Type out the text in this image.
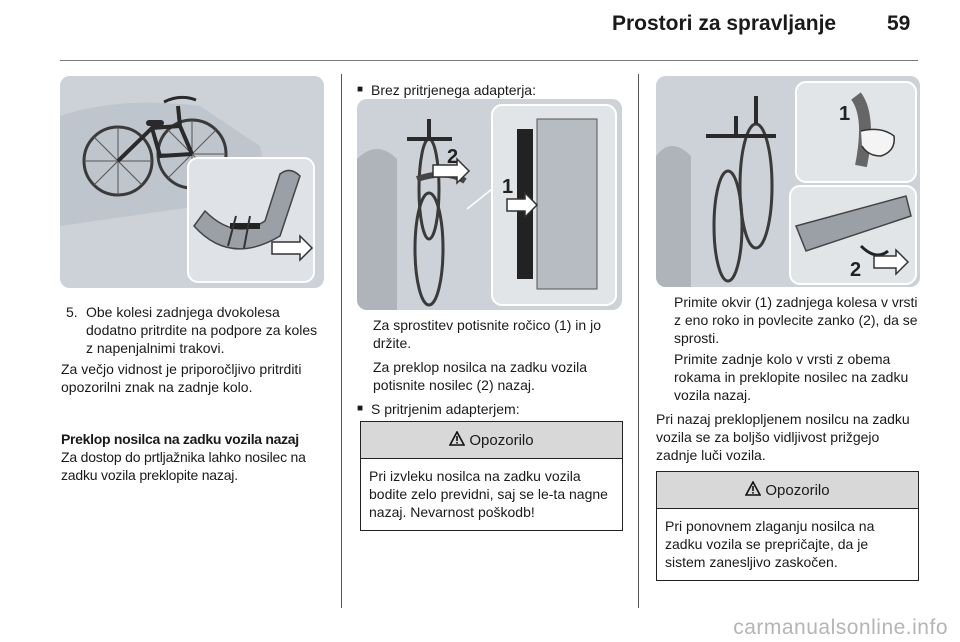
Prostori za spravljanje 59

5. Obe kolesi zadnjega dvokolesa dodatno pritrdite na podpore za koles z napenjalnimi trakovi.

Za večjo vidnost je priporočljivo pritrditi opozorilni znak na zadnje kolo.

Preklop nosilca na zadku vozila nazaj

Za dostop do prtljažnika lahko nosilec na zadku vozila preklopite nazaj.

■ Brez pritrjenega adapterja:

2
1

Za sprostitev potisnite ročico (1) in jo držite.

Za preklop nosilca na zadku vozila potisnite nosilec (2) nazaj.

■ S pritrjenim adapterjem:

Opozorilo
Pri izvleku nosilca na zadku vozila bodite zelo previdni, saj se le-ta nagne nazaj. Nevarnost poškodb!
1
2

Primite okvir (1) zadnjega kolesa v vrsti z eno roko in povlecite zanko (2), da se sprosti.

Primite zadnje kolo v vrsti z obema rokama in preklopite nosilec na zadku vozila nazaj.

Pri nazaj preklopljenem nosilcu na zadku vozila se za boljšo vidljivost prižgejo zadnje luči vozila.

Opozorilo
Pri ponovnem zlaganju nosilca na zadku vozila se prepričajte, da je sistem zanesljivo zaskočen.
carmanualsonline.info
